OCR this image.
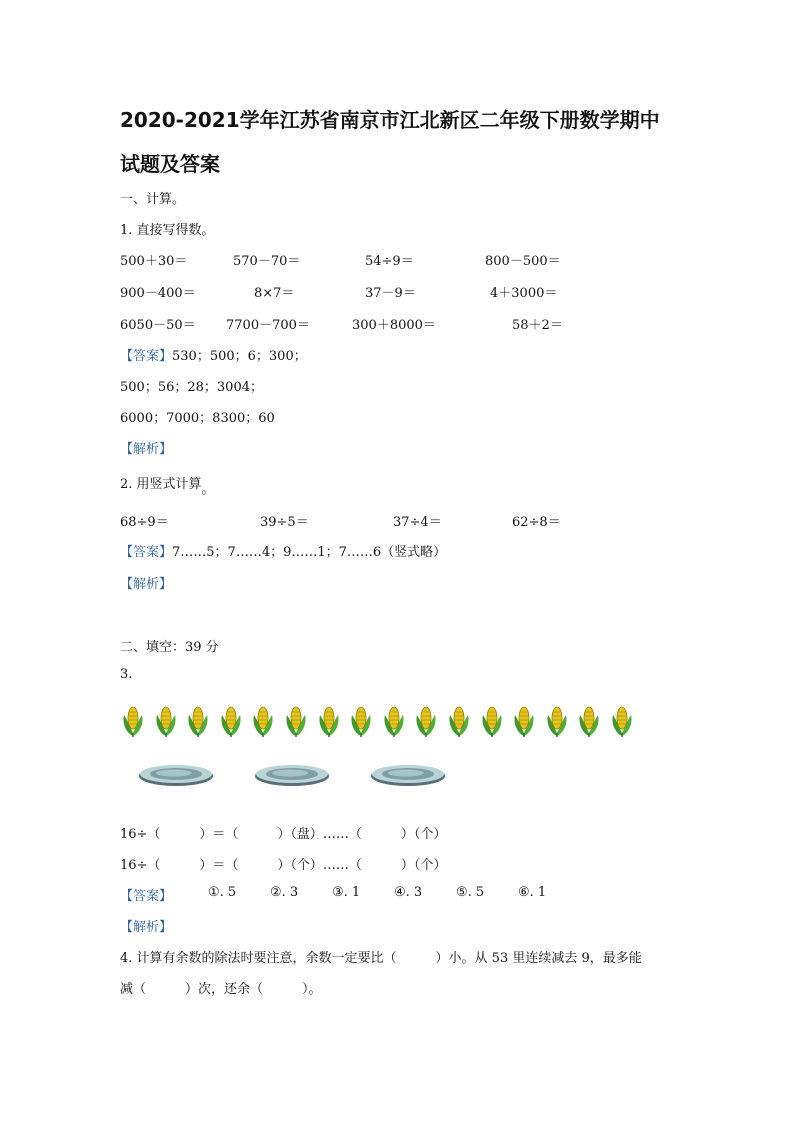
2020-2021学年江苏省南京市江北新区二年级下册数学期中
试题及答案
一、计算。
1. 直接写得数。
500＋30＝	570－70＝	54÷9＝	800－500＝
900－400＝	8×7＝	37－9＝	4＋3000＝
6050－50＝ 7700－700＝	300＋8000＝	58＋2＝
【答案】530；500；6；300；
500；56；28；3004；
6000；7000；8300；60
【解析】
2. 用竖式计算。
68÷9＝	39÷5＝	37÷4＝	62÷8＝
【答案】7……5；7……4；9……1；7……6（竖式略）
【解析】
二、填空：39 分
3.
16÷（　　　）＝（　　　）（盘）……（　　　）（个）
16÷（　　　）＝（　　　）（个）……（　　　）（个）
【答案】	①. 5	②. 3	③. 1	④. 3	⑤. 5	⑥. 1
【解析】
4. 计算有余数的除法时要注意，余数一定要比（　　　）小。从 53 里连续减去 9，最多能
减（　　　）次，还余（　　　）。
